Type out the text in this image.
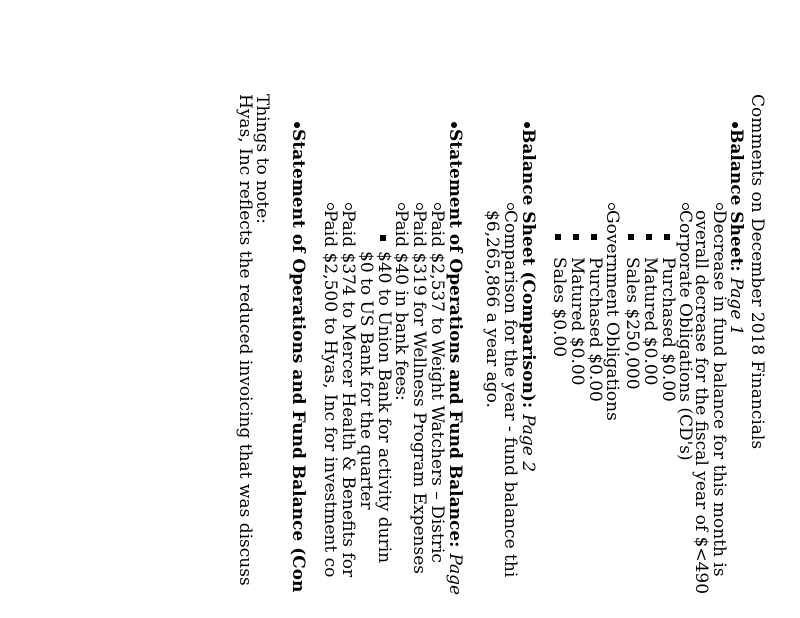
Comments on December 2018 Financials
Balance Sheet: Page 1
Decrease in fund balance for this month is
overall decrease for the fiscal year of $<490
Corporate Obligations (CD's)
Purchased $0.00
Matured $0.00
Sales $250,000
Government Obligations
Purchased $0.00
Matured $0.00
Sales $0.00
Balance Sheet (Comparison): Page 2
Comparison for the year - fund balance thi
$6,265,866 a year ago.
Statement of Operations and Fund Balance: Page
Paid $2,537 to Weight Watchers – Distric
Paid $319 for Wellness Program Expenses
Paid $40 in bank fees:
$40 to Union Bank for activity durin
$0 to US Bank for the quarter
Paid $374 to Mercer Health & Benefits for
Paid $2,500 to Hyas, Inc for investment co
Statement of Operations and Fund Balance (Con
Things to note:
Hyas, Inc reflects the reduced invoicing that was discuss
